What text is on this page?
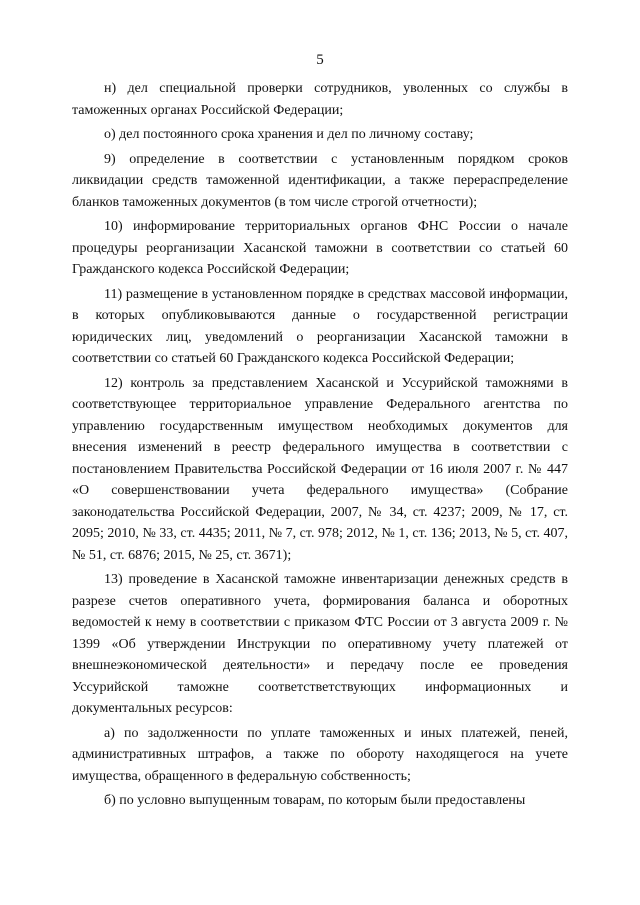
5

н) дел специальной проверки сотрудников, уволенных со службы в таможенных органах Российской Федерации;

о) дел постоянного срока хранения и дел по личному составу;

9) определение в соответствии с установленным порядком сроков ликвидации средств таможенной идентификации, а также перераспределение бланков таможенных документов (в том числе строгой отчетности);

10) информирование территориальных органов ФНС России о начале процедуры реорганизации Хасанской таможни в соответствии со статьей 60 Гражданского кодекса Российской Федерации;

11) размещение в установленном порядке в средствах массовой информации, в которых опубликовываются данные о государственной регистрации юридических лиц, уведомлений о реорганизации Хасанской таможни в соответствии со статьей 60 Гражданского кодекса Российской Федерации;

12) контроль за представлением Хасанской и Уссурийской таможнями в соответствующее территориальное управление Федерального агентства по управлению государственным имуществом необходимых документов для внесения изменений в реестр федерального имущества в соответствии с постановлением Правительства Российской Федерации от 16 июля 2007 г. № 447 «О совершенствовании учета федерального имущества» (Собрание законодательства Российской Федерации, 2007, № 34, ст. 4237; 2009, № 17, ст. 2095; 2010, № 33, ст. 4435; 2011, № 7, ст. 978; 2012, № 1, ст. 136; 2013, № 5, ст. 407, № 51, ст. 6876; 2015, № 25, ст. 3671);

13) проведение в Хасанской таможне инвентаризации денежных средств в разрезе счетов оперативного учета, формирования баланса и оборотных ведомостей к нему в соответствии с приказом ФТС России от 3 августа 2009 г. № 1399 «Об утверждении Инструкции по оперативному учету платежей от внешнеэкономической деятельности» и передачу после ее проведения Уссурийской таможне соответстветствующих информационных и документальных ресурсов:

а) по задолженности по уплате таможенных и иных платежей, пеней, административных штрафов, а также по обороту находящегося на учете имущества, обращенного в федеральную собственность;

б) по условно выпущенным товарам, по которым были предоставлены
